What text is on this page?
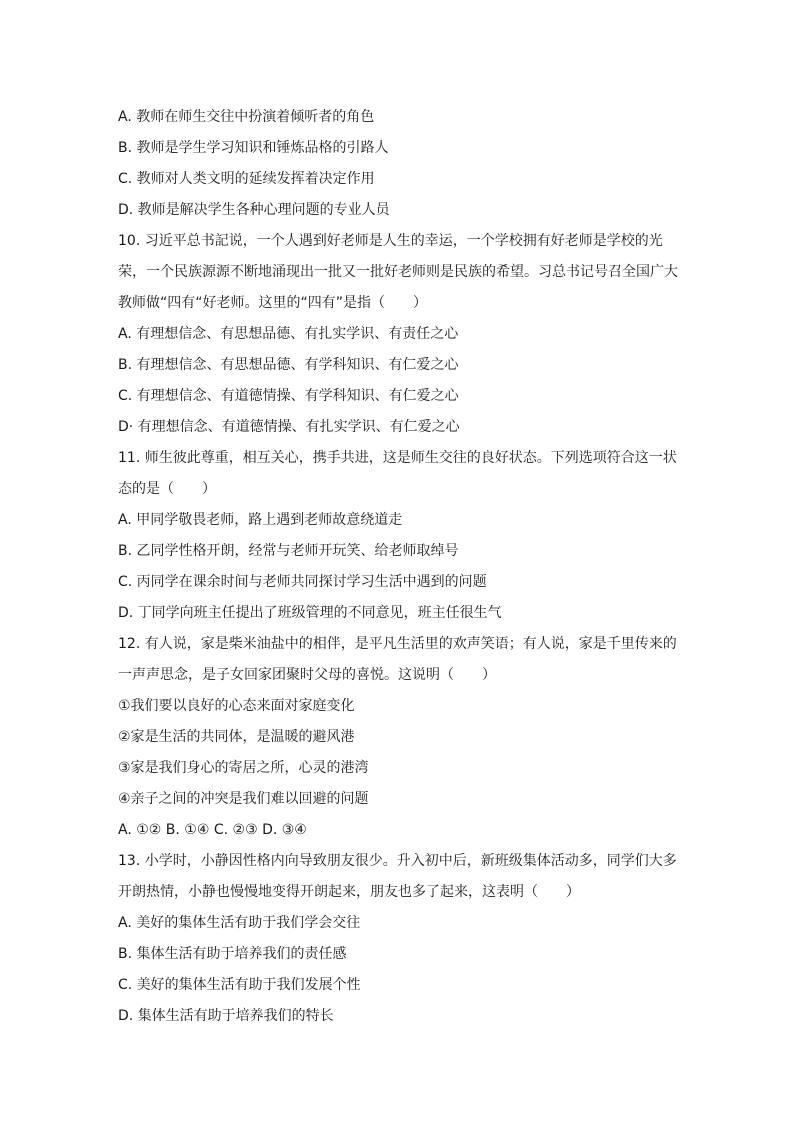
A. 教师在师生交往中扮演着倾听者的角色
B. 教师是学生学习知识和锤炼品格的引路人
C. 教师对人类文明的延续发挥着决定作用
D. 教师是解决学生各种心理问题的专业人员
10. 习近平总书記说，一个人遇到好老师是人生的幸运，一个学校拥有好老师是学校的光
荣，一个民族源源不断地涌现出一批又一批好老师则是民族的希望。习总书记号召全国广大
教师做“四有“好老师。这里的“四有”是指（　　）
A. 有理想信念、有思想品德、有扎实学识、有责任之心
B. 有理想信念、有思想品德、有学科知识、有仁爱之心
C. 有理想信念、有道德情操、有学科知识、有仁爱之心
D· 有理想信念、有道德情操、有扎实学识、有仁爱之心
11. 师生彼此尊重，相互关心，携手共进，这是师生交往的良好状态。下列选项符合这一状
态的是（　　）
A. 甲同学敬畏老师，路上遇到老师故意绕道走
B. 乙同学性格开朗，经常与老师开玩笑、给老师取绰号
C. 丙同学在课余时间与老师共同探讨学习生活中遇到的问题
D. 丁同学向班主任提出了班级管理的不同意见，班主任很生气
12. 有人说，家是柴米油盐中的相伴，是平凡生活里的欢声笑语；有人说，家是千里传来的
一声声思念，是子女回家团聚时父母的喜悦。这说明（　　）
①我们要以良好的心态来面对家庭变化
②家是生活的共同体，是温暖的避风港
③家是我们身心的寄居之所，心灵的港湾
④亲子之间的冲突是我们难以回避的问题
A. ①② B. ①④ C. ②③ D. ③④
13. 小学时，小静因性格内向导致朋友很少。升入初中后，新班级集体活动多，同学们大多
开朗热情，小静也慢慢地变得开朗起来，朋友也多了起来，这表明（　　）
A. 美好的集体生活有助于我们学会交往
B. 集体生活有助于培养我们的责任感
C. 美好的集体生活有助于我们发展个性
D. 集体生活有助于培养我们的特长
